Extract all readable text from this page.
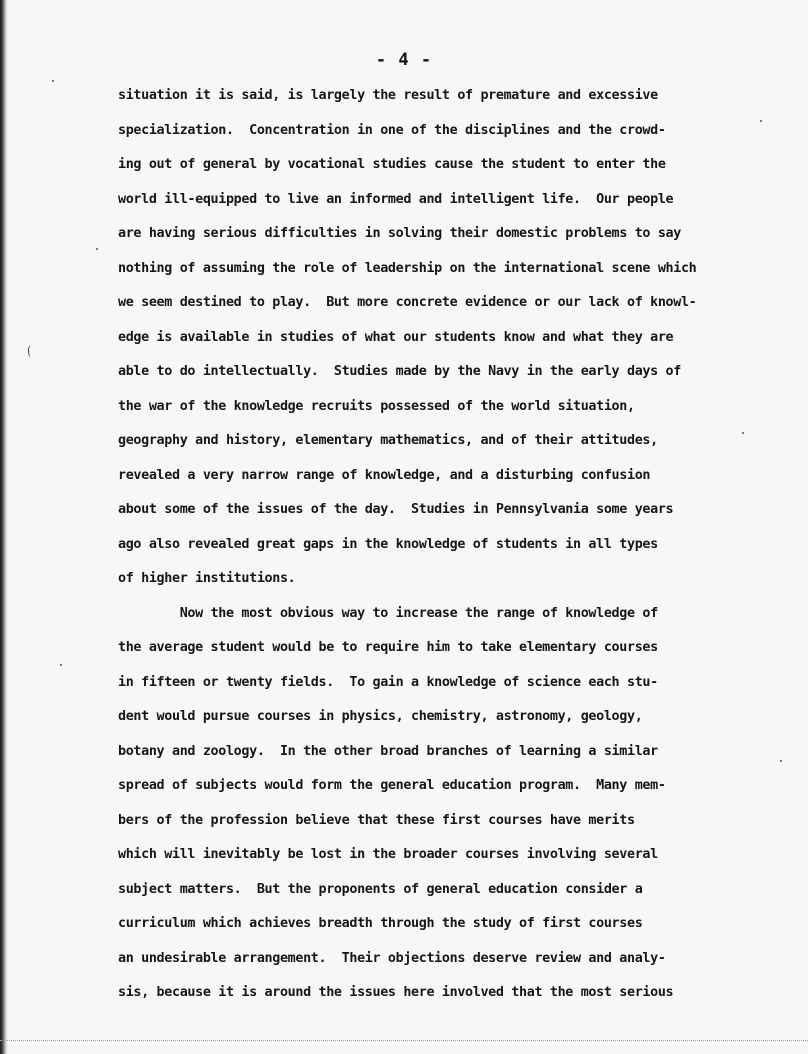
- 4 -
situation it is said, is largely the result of premature and excessive
specialization.  Concentration in one of the disciplines and the crowd-
ing out of general by vocational studies cause the student to enter the
world ill-equipped to live an informed and intelligent life.  Our people
are having serious difficulties in solving their domestic problems to say
nothing of assuming the role of leadership on the international scene which
we seem destined to play.  But more concrete evidence or our lack of knowl-
edge is available in studies of what our students know and what they are
able to do intellectually.  Studies made by the Navy in the early days of
the war of the knowledge recruits possessed of the world situation,
geography and history, elementary mathematics, and of their attitudes,
revealed a very narrow range of knowledge, and a disturbing confusion
about some of the issues of the day.  Studies in Pennsylvania some years
ago also revealed great gaps in the knowledge of students in all types
of higher institutions.
Now the most obvious way to increase the range of knowledge of
the average student would be to require him to take elementary courses
in fifteen or twenty fields.  To gain a knowledge of science each stu-
dent would pursue courses in physics, chemistry, astronomy, geology,
botany and zoology.  In the other broad branches of learning a similar
spread of subjects would form the general education program.  Many mem-
bers of the profession believe that these first courses have merits
which will inevitably be lost in the broader courses involving several
subject matters.  But the proponents of general education consider a
curriculum which achieves breadth through the study of first courses
an undesirable arrangement.  Their objections deserve review and analy-
sis, because it is around the issues here involved that the most serious
